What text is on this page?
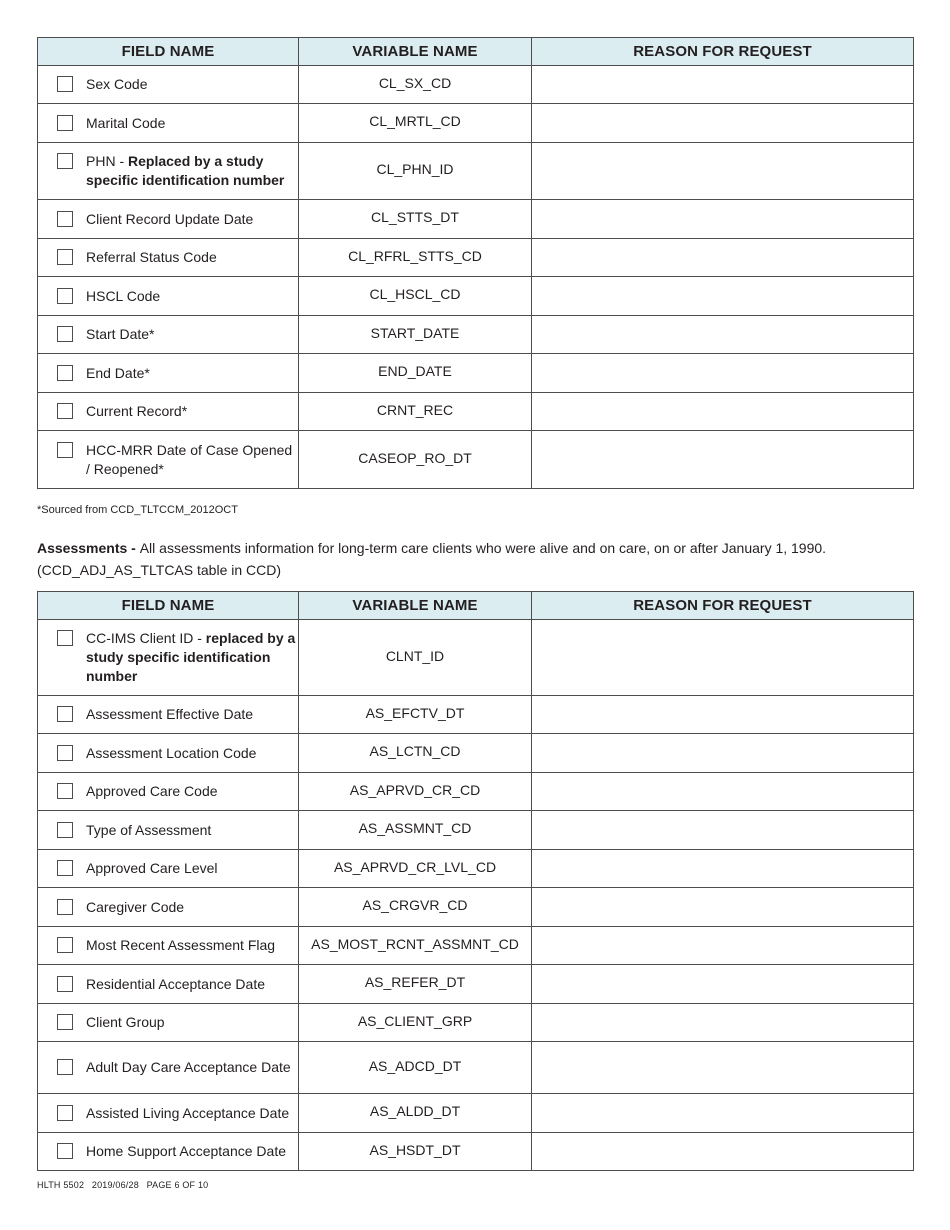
FIELD NAME	VARIABLE NAME	REASON FOR REQUEST

Sex Code	CL_SX_CD	

Marital Code	CL_MRTL_CD	

PHN - Replaced by a study specific identification number	CL_PHN_ID	

Client Record Update Date	CL_STTS_DT	

Referral Status Code	CL_RFRL_STTS_CD	

HSCL Code	CL_HSCL_CD	

Start Date*	START_DATE	

End Date*	END_DATE	

Current Record*	CRNT_REC	

HCC-MRR Date of Case Opened / Reopened*	CASEOP_RO_DT	
*Sourced from CCD_TLTCCM_2012OCT
Assessments - All assessments information for long-term care clients who were alive and on care, on or after January 1, 1990.
(CCD_ADJ_AS_TLTCAS table in CCD)
FIELD NAME	VARIABLE NAME	REASON FOR REQUEST

CC-IMS Client ID - replaced by a study specific identification number	CLNT_ID	

Assessment Effective Date	AS_EFCTV_DT	

Assessment Location Code	AS_LCTN_CD	

Approved Care Code	AS_APRVD_CR_CD	

Type of Assessment	AS_ASSMNT_CD	

Approved Care Level	AS_APRVD_CR_LVL_CD	

Caregiver Code	AS_CRGVR_CD	

Most Recent Assessment Flag	AS_MOST_RCNT_ASSMNT_CD	

Residential Acceptance Date	AS_REFER_DT	

Client Group	AS_CLIENT_GRP	

Adult Day Care Acceptance Date	AS_ADCD_DT	

Assisted Living Acceptance Date	AS_ALDD_DT	

Home Support Acceptance Date	AS_HSDT_DT	
HLTH 5502 2019/06/28 PAGE 6 OF 10
